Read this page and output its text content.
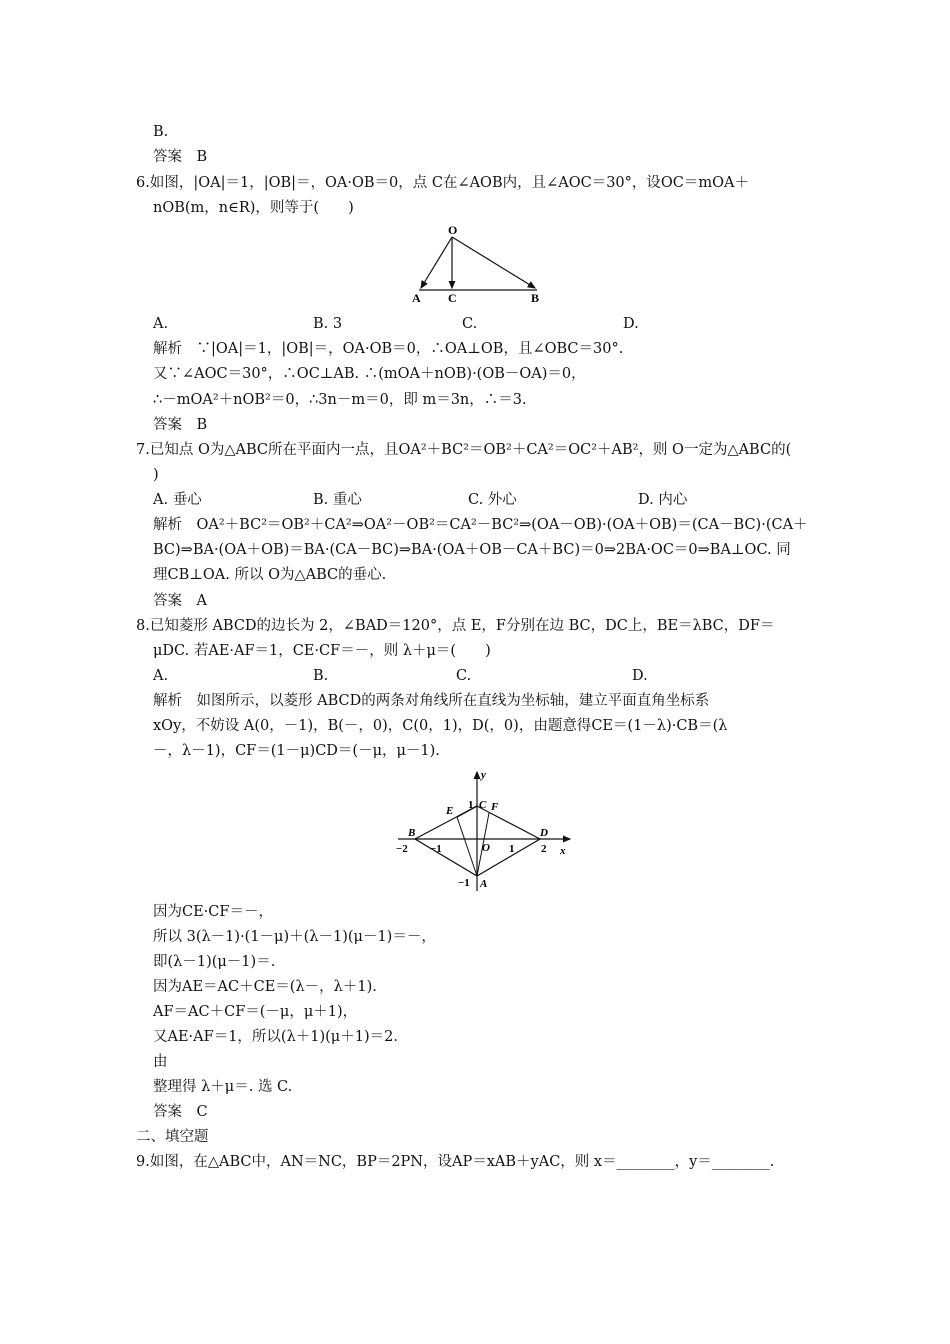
B.
答案　B
6.如图，|OA|＝1，|OB|＝，OA·OB＝0，点 C在∠AOB内，且∠AOC＝30°，设OC＝mOA＋
nOB(m，n∈R)，则等于(　　)
O
A C	B
A.	B. 3	C.	D.
解析　∵|OA|＝1，|OB|＝，OA·OB＝0，∴OA⊥OB，且∠OBC＝30°.
又∵∠AOC＝30°，∴OC⊥AB. ∴(mOA＋nOB)·(OB－OA)＝0，
∴－mOA²＋nOB²＝0，∴3n－m＝0，即 m＝3n，∴＝3.
答案　B
7.已知点 O为△ABC所在平面内一点，且OA²＋BC²＝OB²＋CA²＝OC²＋AB²，则 O一定为△ABC的(
)
A. 垂心	B. 重心	C. 外心	D. 内心
解析　OA²＋BC²＝OB²＋CA²⇒OA²－OB²＝CA²－BC²⇒(OA－OB)·(OA＋OB)＝(CA－BC)·(CA＋
BC)⇒BA·(OA＋OB)＝BA·(CA－BC)⇒BA·(OA＋OB－CA＋BC)＝0⇒2BA·OC＝0⇒BA⊥OC. 同
理CB⊥OA. 所以 O为△ABC的垂心.
答案　A
8.已知菱形 ABCD的边长为 2，∠BAD＝120°，点 E，F分别在边 BC，DC上，BE＝λBC，DF＝
μDC. 若AE·AF＝1，CE·CF＝－，则 λ＋μ＝(　　)
A.	B.	C.	D.
解析　如图所示，以菱形 ABCD的两条对角线所在直线为坐标轴，建立平面直角坐标系
xOy，不妨设 A(0，－1)，B(－，0)，C(0，1)，D(，0)，由题意得CE＝(1－λ)·CB＝(λ
－，λ－1)，CF＝(1－μ)CD＝(－μ，μ－1).
y
x
B	D
E C F
O
A
−2 −1	1 2
1
−1
因为CE·CF＝－，
所以 3(λ－1)·(1－μ)＋(λ－1)(μ－1)＝－，
即(λ－1)(μ－1)＝.
因为AE＝AC＋CE＝(λ－，λ＋1).
AF＝AC＋CF＝(－μ，μ＋1)，
又AE·AF＝1，所以(λ＋1)(μ＋1)＝2.
由
整理得 λ＋μ＝. 选 C.
答案　C
二、填空题
9.如图，在△ABC中，AN＝NC，BP＝2PN，设AP＝xAB＋yAC，则 x＝________，y＝________.
